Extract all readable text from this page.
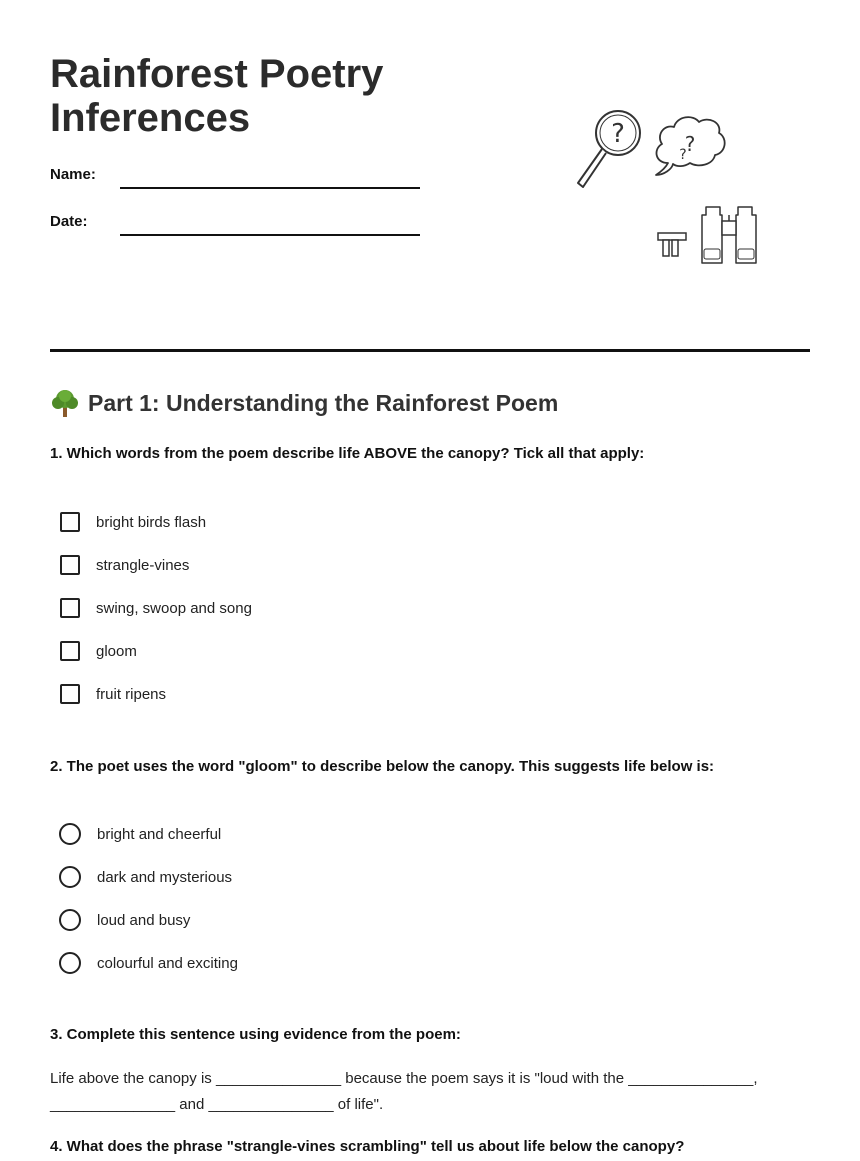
Rainforest Poetry Inferences
Name:
Date:
?	?
?
Part 1: Understanding the Rainforest Poem

1. Which words from the poem describe life ABOVE the canopy? Tick all that apply:

bright birds flash
strangle-vines
swing, swoop and song
gloom
fruit ripens

2. The poet uses the word "gloom" to describe below the canopy. This suggests life below is:

bright and cheerful
dark and mysterious
loud and busy
colourful and exciting

3. Complete this sentence using evidence from the poem:

Life above the canopy is _______________ because the poem says it is "loud with the _______________,
_______________ and _______________ of life".

4. What does the phrase "strangle-vines scrambling" tell us about life below the canopy?
